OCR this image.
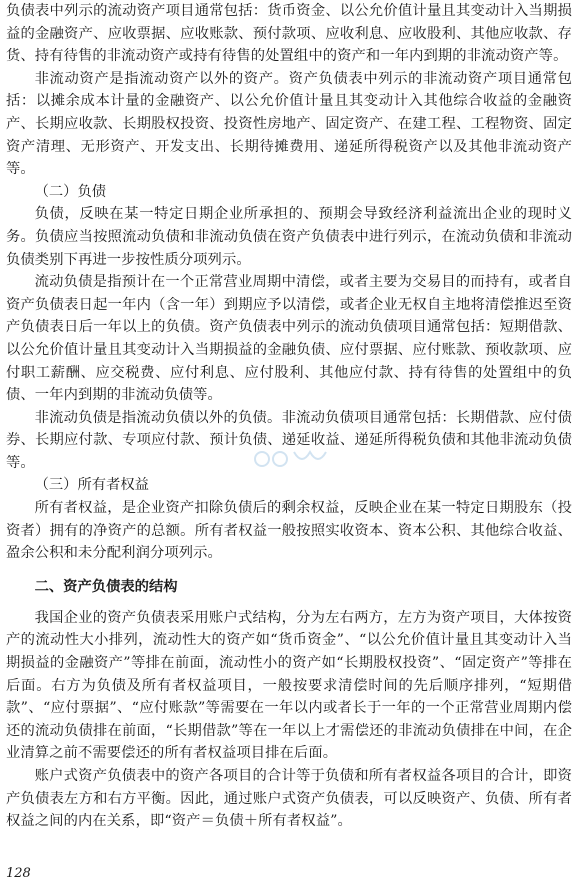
负债表中列示的流动资产项目通常包括：货币资金、以公允价值计量且其变动计入当期损益的金融资产、应收票据、应收账款、预付款项、应收利息、应收股利、其他应收款、存货、持有待售的非流动资产或持有待售的处置组中的资产和一年内到期的非流动资产等。

非流动资产是指流动资产以外的资产。资产负债表中列示的非流动资产项目通常包括：以摊余成本计量的金融资产、以公允价值计量且其变动计入其他综合收益的金融资产、长期应收款、长期股权投资、投资性房地产、固定资产、在建工程、工程物资、固定资产清理、无形资产、开发支出、长期待摊费用、递延所得税资产以及其他非流动资产等。

（二）负债

负债，反映在某一特定日期企业所承担的、预期会导致经济利益流出企业的现时义务。负债应当按照流动负债和非流动负债在资产负债表中进行列示，在流动负债和非流动负债类别下再进一步按性质分项列示。

流动负债是指预计在一个正常营业周期中清偿，或者主要为交易目的而持有，或者自资产负债表日起一年内（含一年）到期应予以清偿，或者企业无权自主地将清偿推迟至资产负债表日后一年以上的负债。资产负债表中列示的流动负债项目通常包括：短期借款、以公允价值计量且其变动计入当期损益的金融负债、应付票据、应付账款、预收款项、应付职工薪酬、应交税费、应付利息、应付股利、其他应付款、持有待售的处置组中的负债、一年内到期的非流动负债等。

非流动负债是指流动负债以外的负债。非流动负债项目通常包括：长期借款、应付债券、长期应付款、专项应付款、预计负债、递延收益、递延所得税负债和其他非流动负债等。

（三）所有者权益

所有者权益，是企业资产扣除负债后的剩余权益，反映企业在某一特定日期股东（投资者）拥有的净资产的总额。所有者权益一般按照实收资本、资本公积、其他综合收益、盈余公积和未分配利润分项列示。

二、资产负债表的结构

我国企业的资产负债表采用账户式结构，分为左右两方，左方为资产项目，大体按资产的流动性大小排列，流动性大的资产如“货币资金”、“以公允价值计量且其变动计入当期损益的金融资产”等排在前面，流动性小的资产如“长期股权投资”、“固定资产”等排在后面。右方为负债及所有者权益项目，一般按要求清偿时间的先后顺序排列，“短期借款”、“应付票据”、“应付账款”等需要在一年以内或者长于一年的一个正常营业周期内偿还的流动负债排在前面，“长期借款”等在一年以上才需偿还的非流动负债排在中间，在企业清算之前不需要偿还的所有者权益项目排在后面。

账户式资产负债表中的资产各项目的合计等于负债和所有者权益各项目的合计，即资产负债表左方和右方平衡。因此，通过账户式资产负债表，可以反映资产、负债、所有者权益之间的内在关系，即“资产＝负债＋所有者权益”。

128
